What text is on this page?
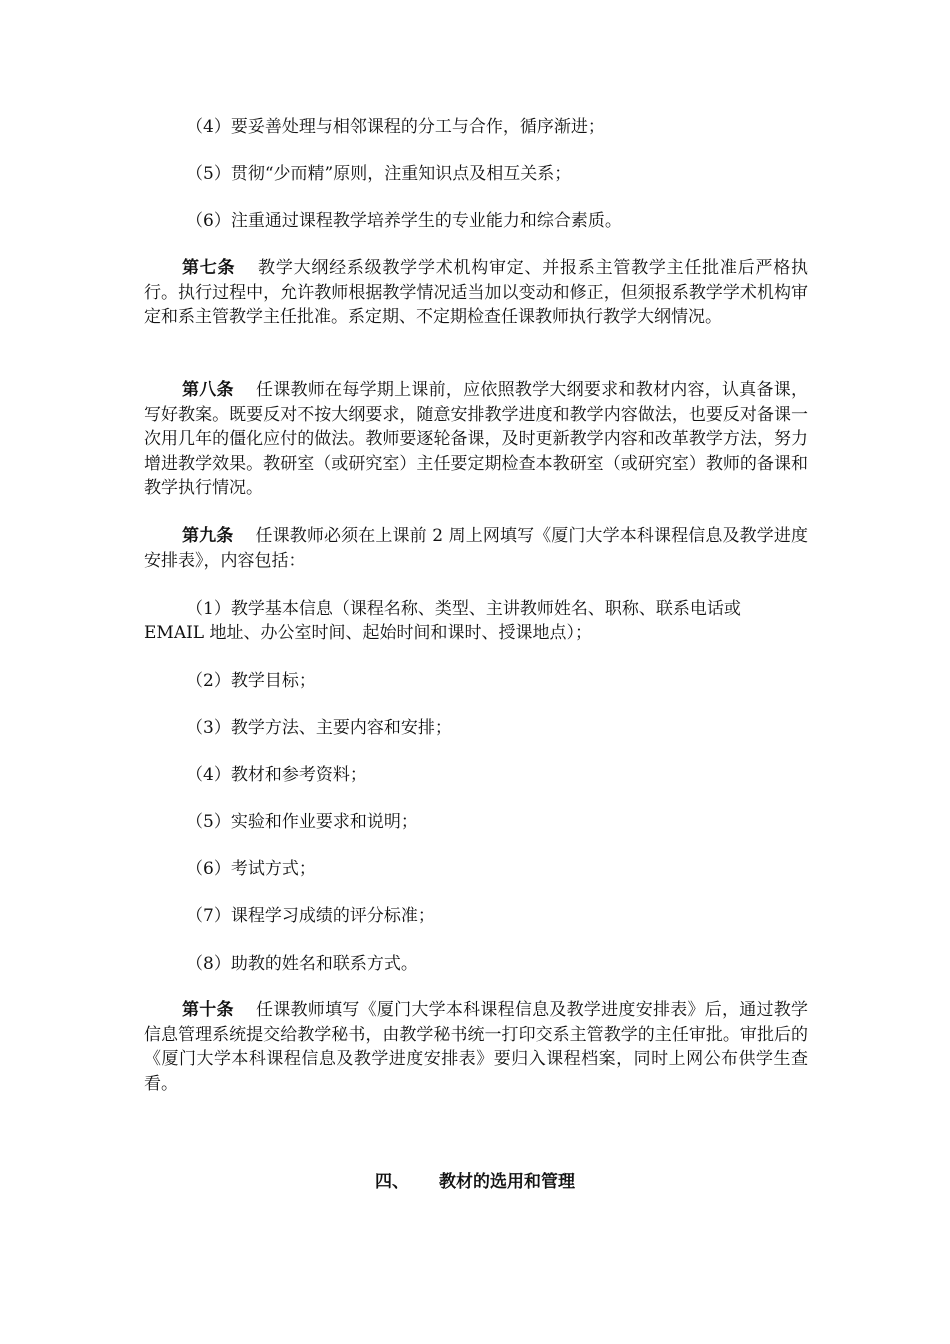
（4）要妥善处理与相邻课程的分工与合作，循序渐进；
（5）贯彻“少而精”原则，注重知识点及相互关系；
（6）注重通过课程教学培养学生的专业能力和综合素质。
第七条 教学大纲经系级教学学术机构审定、并报系主管教学主任批准后严格执行。执行过程中，允许教师根据教学情况适当加以变动和修正，但须报系教学学术机构审定和系主管教学主任批准。系定期、不定期检查任课教师执行教学大纲情况。
第八条 任课教师在每学期上课前，应依照教学大纲要求和教材内容，认真备课，写好教案。既要反对不按大纲要求，随意安排教学进度和教学内容做法，也要反对备课一次用几年的僵化应付的做法。教师要逐轮备课，及时更新教学内容和改革教学方法，努力增进教学效果。教研室（或研究室）主任要定期检查本教研室（或研究室）教师的备课和教学执行情况。
第九条 任课教师必须在上课前 2 周上网填写《厦门大学本科课程信息及教学进度安排表》，内容包括：
（1）教学基本信息（课程名称、类型、主讲教师姓名、职称、联系电话或
EMAIL 地址、办公室时间、起始时间和课时、授课地点）；
（2）教学目标；
（3）教学方法、主要内容和安排；
（4）教材和参考资料；
（5）实验和作业要求和说明；
（6）考试方式；
（7）课程学习成绩的评分标准；
（8）助教的姓名和联系方式。
第十条 任课教师填写《厦门大学本科课程信息及教学进度安排表》后，通过教学信息管理系统提交给教学秘书，由教学秘书统一打印交系主管教学的主任审批。审批后的《厦门大学本科课程信息及教学进度安排表》要归入课程档案，同时上网公布供学生查看。
四、 教材的选用和管理
